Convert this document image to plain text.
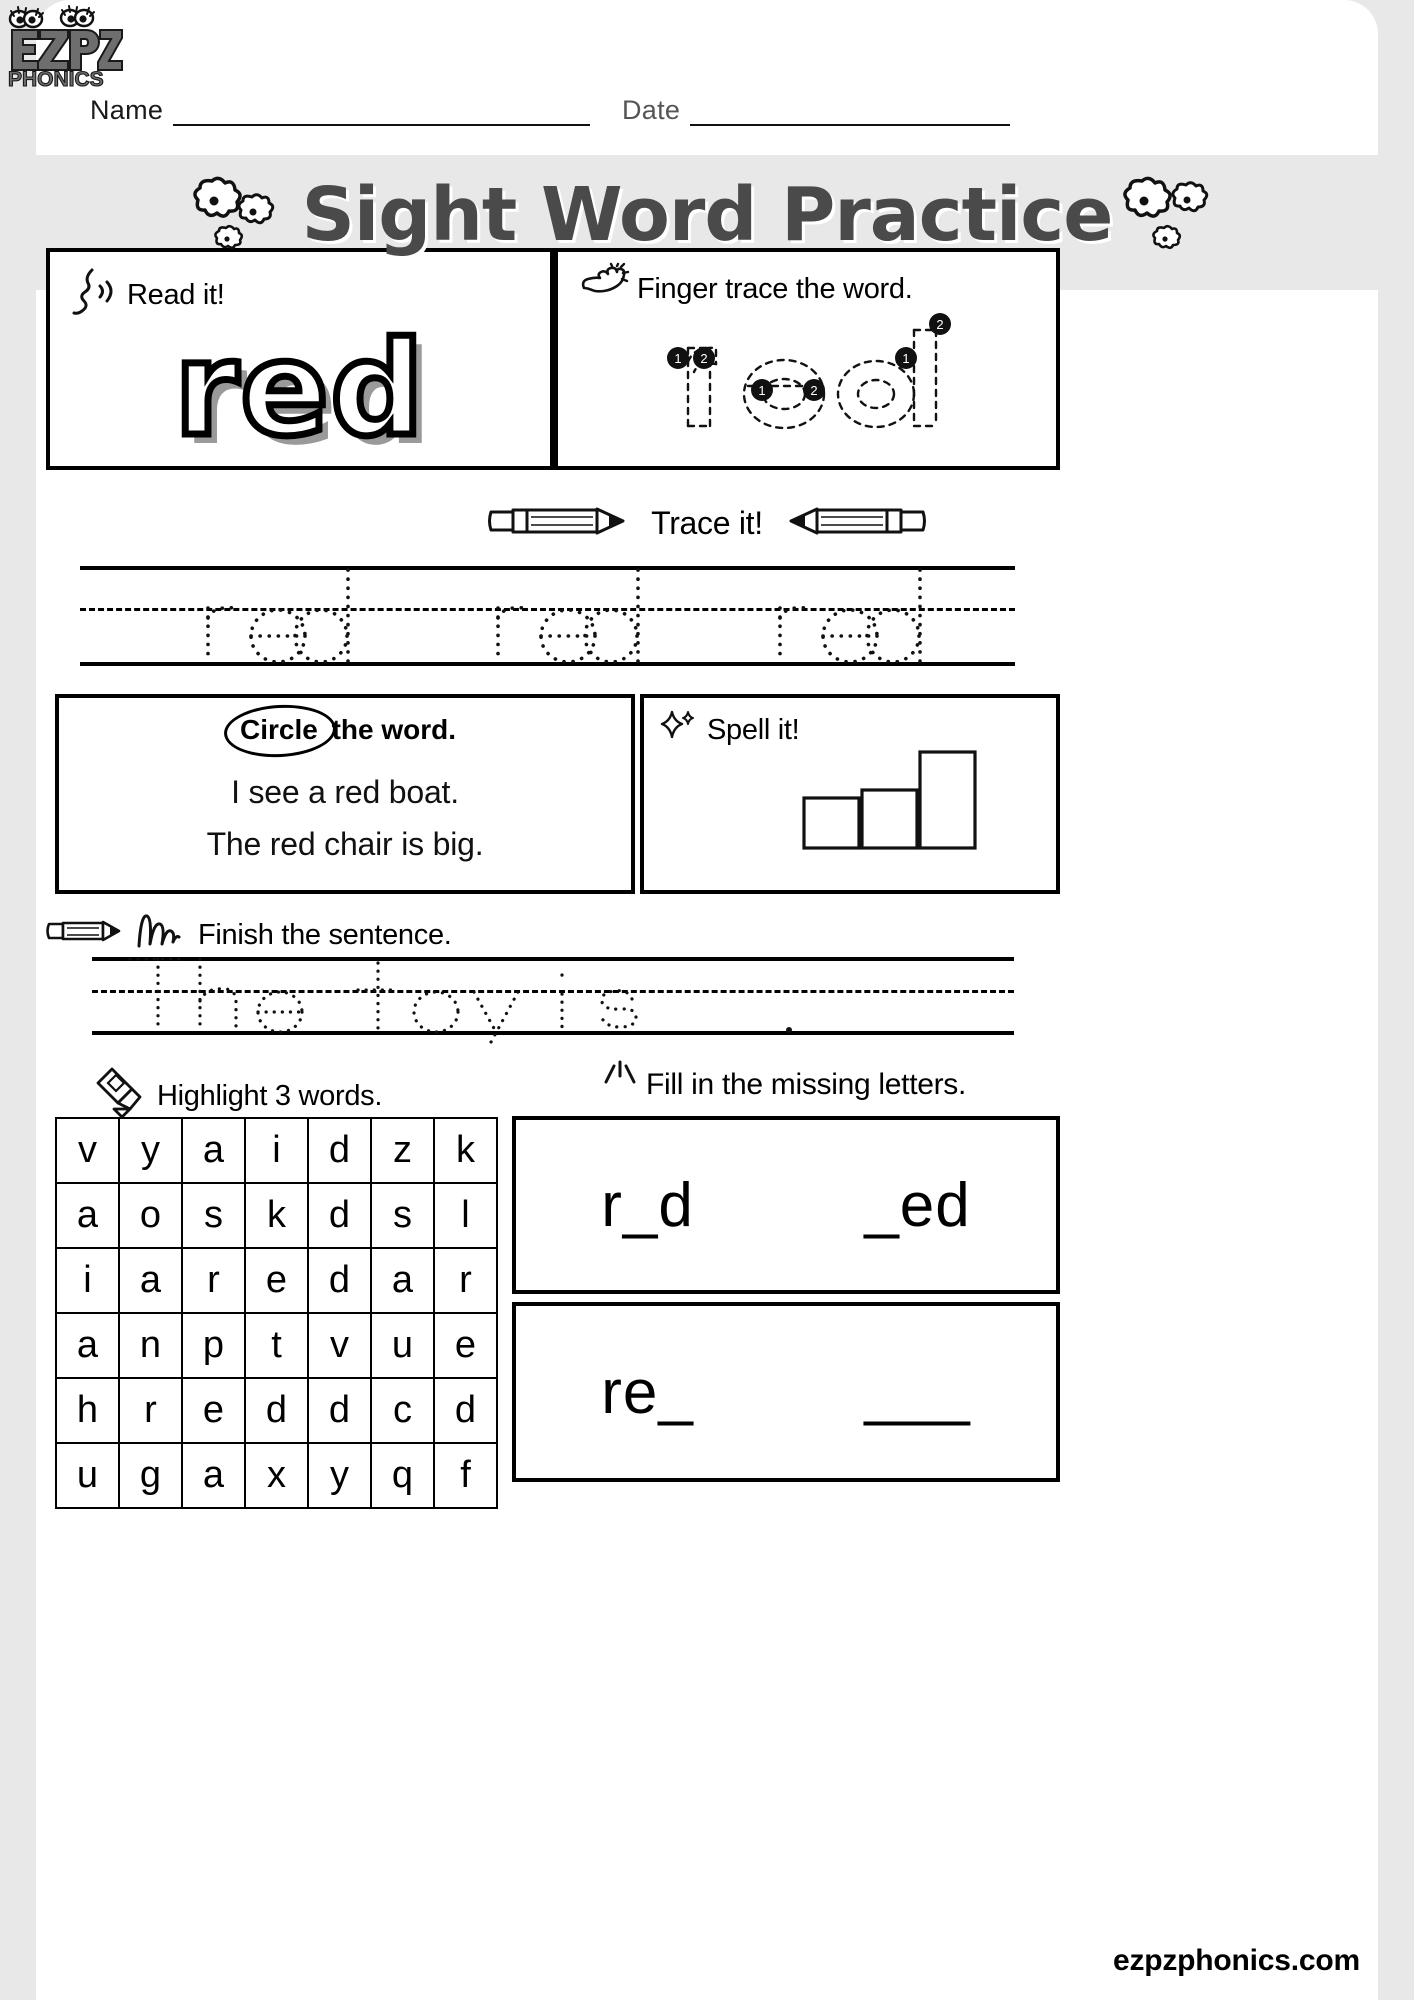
PHONICS
Name	Date
Sight Word Practice
Read it!
red
Finger trace the word.
1 2
1	2
1
2
Trace it!
Circle the word.
I see a red boat.
The red chair is big.
Spell it!
Finish the sentence.
Highlight 3 words.
v	y	a	i	d	z	k
a	o	s	k	d	s	l
i	a	r	e	d	a	r
a	n	p	t	v	u	e
h	r	e	d	d	c	d
u	g	a	x	y	q	f
Fill in the missing letters.
r_d	_ed
re_	___
ezpzphonics.com
